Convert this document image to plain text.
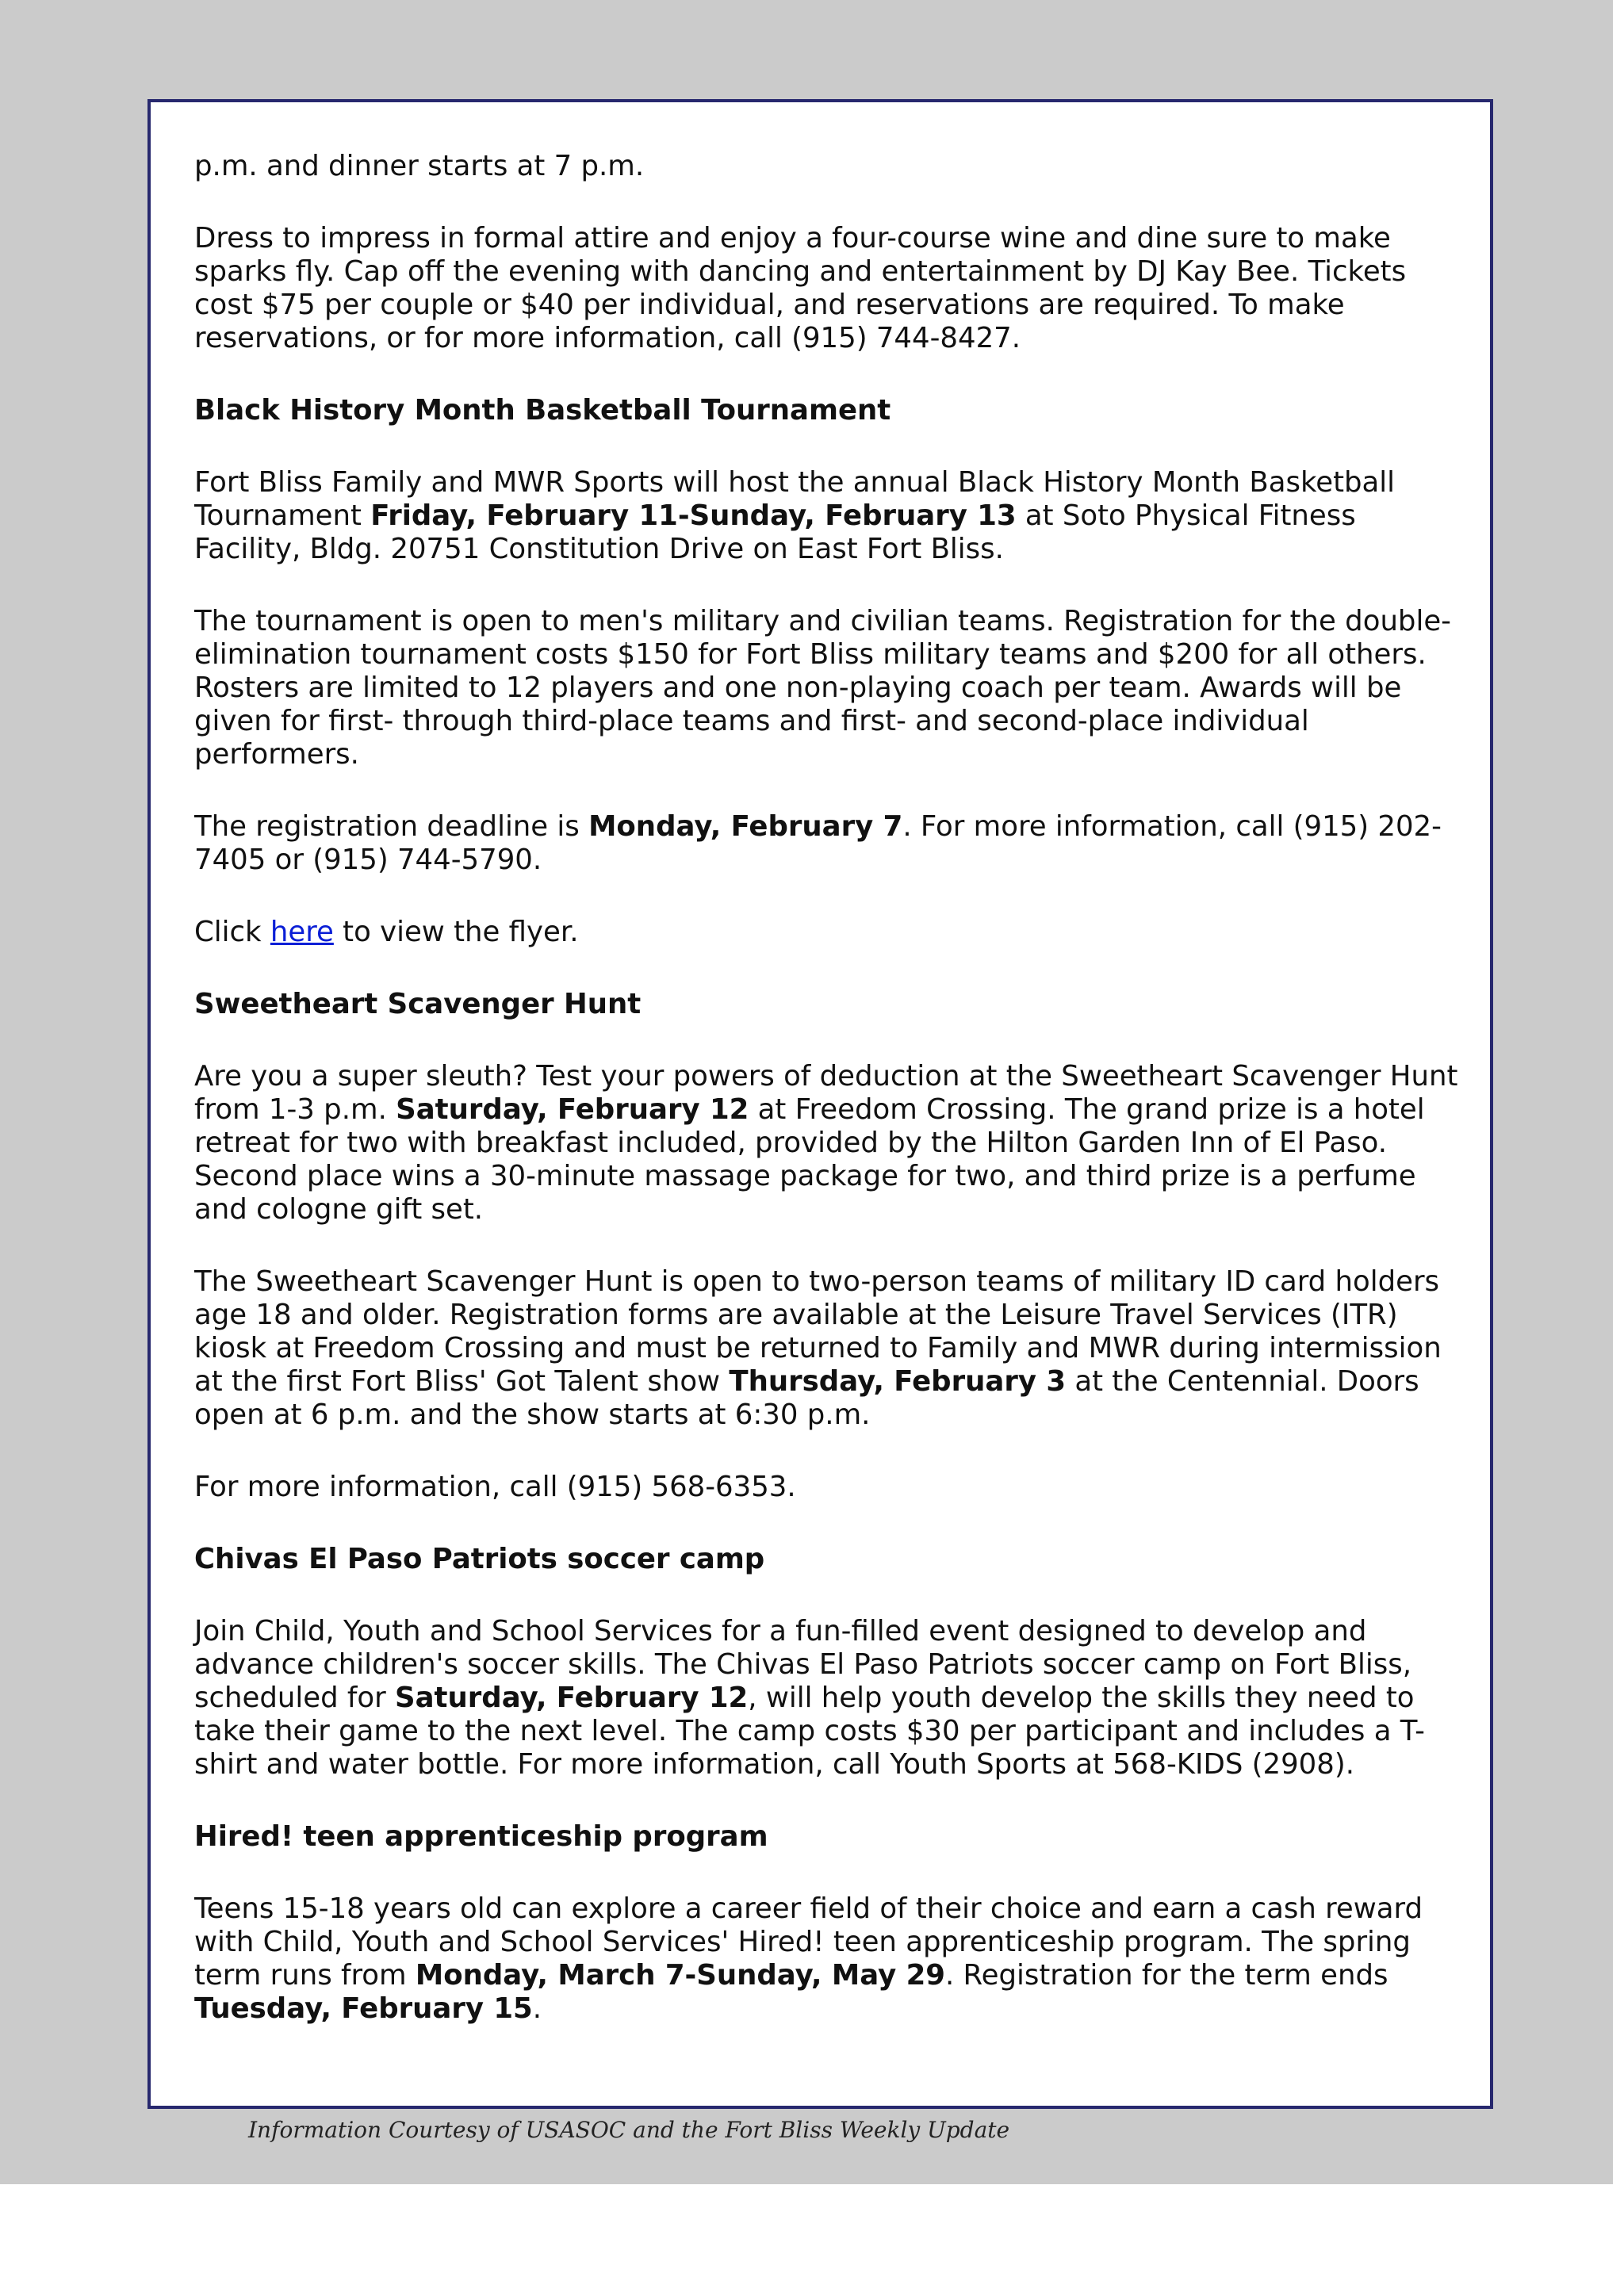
p.m. and dinner starts at 7 p.m.

Dress to impress in formal attire and enjoy a four-course wine and dine sure to make sparks fly. Cap off the evening with dancing and entertainment by DJ Kay Bee. Tickets cost $75 per couple or $40 per individual, and reservations are required. To make reservations, or for more information, call (915) 744-8427.

Black History Month Basketball Tournament

Fort Bliss Family and MWR Sports will host the annual Black History Month Basketball Tournament Friday, February 11-Sunday, February 13 at Soto Physical Fitness Facility, Bldg. 20751 Constitution Drive on East Fort Bliss.

The tournament is open to men's military and civilian teams. Registration for the double-elimination tournament costs $150 for Fort Bliss military teams and $200 for all others. Rosters are limited to 12 players and one non-playing coach per team. Awards will be given for first- through third-place teams and first- and second-place individual performers.

The registration deadline is Monday, February 7. For more information, call (915) 202-7405 or (915) 744-5790.

Click here to view the flyer.

Sweetheart Scavenger Hunt

Are you a super sleuth? Test your powers of deduction at the Sweetheart Scavenger Hunt from 1-3 p.m. Saturday, February 12 at Freedom Crossing. The grand prize is a hotel retreat for two with breakfast included, provided by the Hilton Garden Inn of El Paso. Second place wins a 30-minute massage package for two, and third prize is a perfume and cologne gift set.

The Sweetheart Scavenger Hunt is open to two-person teams of military ID card holders age 18 and older. Registration forms are available at the Leisure Travel Services (ITR) kiosk at Freedom Crossing and must be returned to Family and MWR during intermission at the first Fort Bliss' Got Talent show Thursday, February 3 at the Centennial. Doors open at 6 p.m. and the show starts at 6:30 p.m.

For more information, call (915) 568-6353.

Chivas El Paso Patriots soccer camp

Join Child, Youth and School Services for a fun-filled event designed to develop and advance children's soccer skills. The Chivas El Paso Patriots soccer camp on Fort Bliss, scheduled for Saturday, February 12, will help youth develop the skills they need to take their game to the next level. The camp costs $30 per participant and includes a T-shirt and water bottle. For more information, call Youth Sports at 568-KIDS (2908).

Hired! teen apprenticeship program

Teens 15-18 years old can explore a career field of their choice and earn a cash reward with Child, Youth and School Services' Hired! teen apprenticeship program. The spring term runs from Monday, March 7-Sunday, May 29. Registration for the term ends Tuesday, February 15.

Information Courtesy of USASOC and the Fort Bliss Weekly Update
